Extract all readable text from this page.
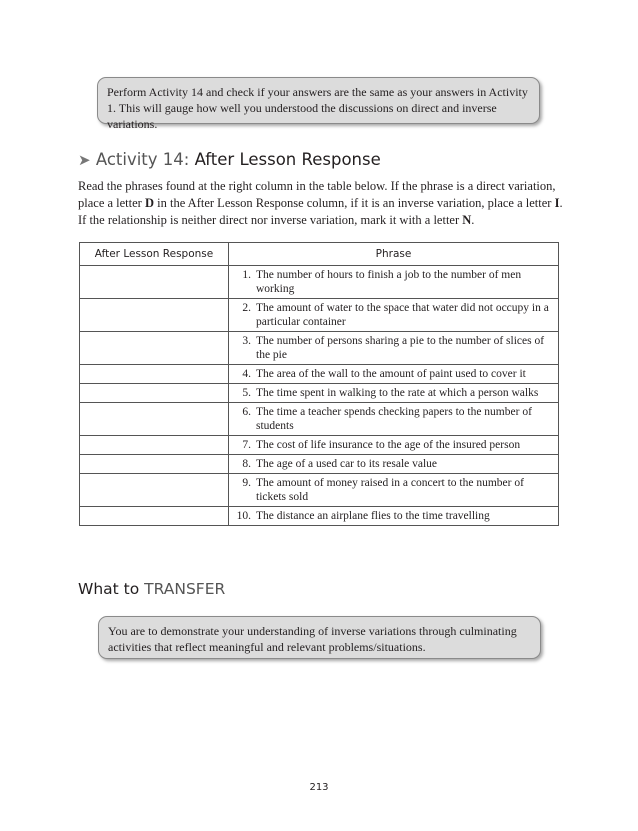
Perform Activity 14 and check if your answers are the same as your answers in Activity 1. This will gauge how well you understood the discussions on direct and inverse variations.
➤ Activity 14: After Lesson Response

Read the phrases found at the right column in the table below. If the phrase is a direct variation, place a letter D in the After Lesson Response column, if it is an inverse variation, place a letter I. If the relationship is neither direct nor inverse variation, mark it with a letter N.

After Lesson Response	Phrase

	1. The number of hours to finish a job to the number of men working

	2. The amount of water to the space that water did not occupy in a particular container

	3. The number of persons sharing a pie to the number of slices of the pie

	4. The area of the wall to the amount of paint used to cover it

	5. The time spent in walking to the rate at which a person walks

	6. The time a teacher spends checking papers to the number of students

	7. The cost of life insurance to the age of the insured person

	8. The age of a used car to its resale value

	9. The amount of money raised in a concert to the number of tickets sold

	10. The distance an airplane flies to the time travelling
What to TRANSFER
You are to demonstrate your understanding of inverse variations through culminating activities that reflect meaningful and relevant problems/situations.
213
